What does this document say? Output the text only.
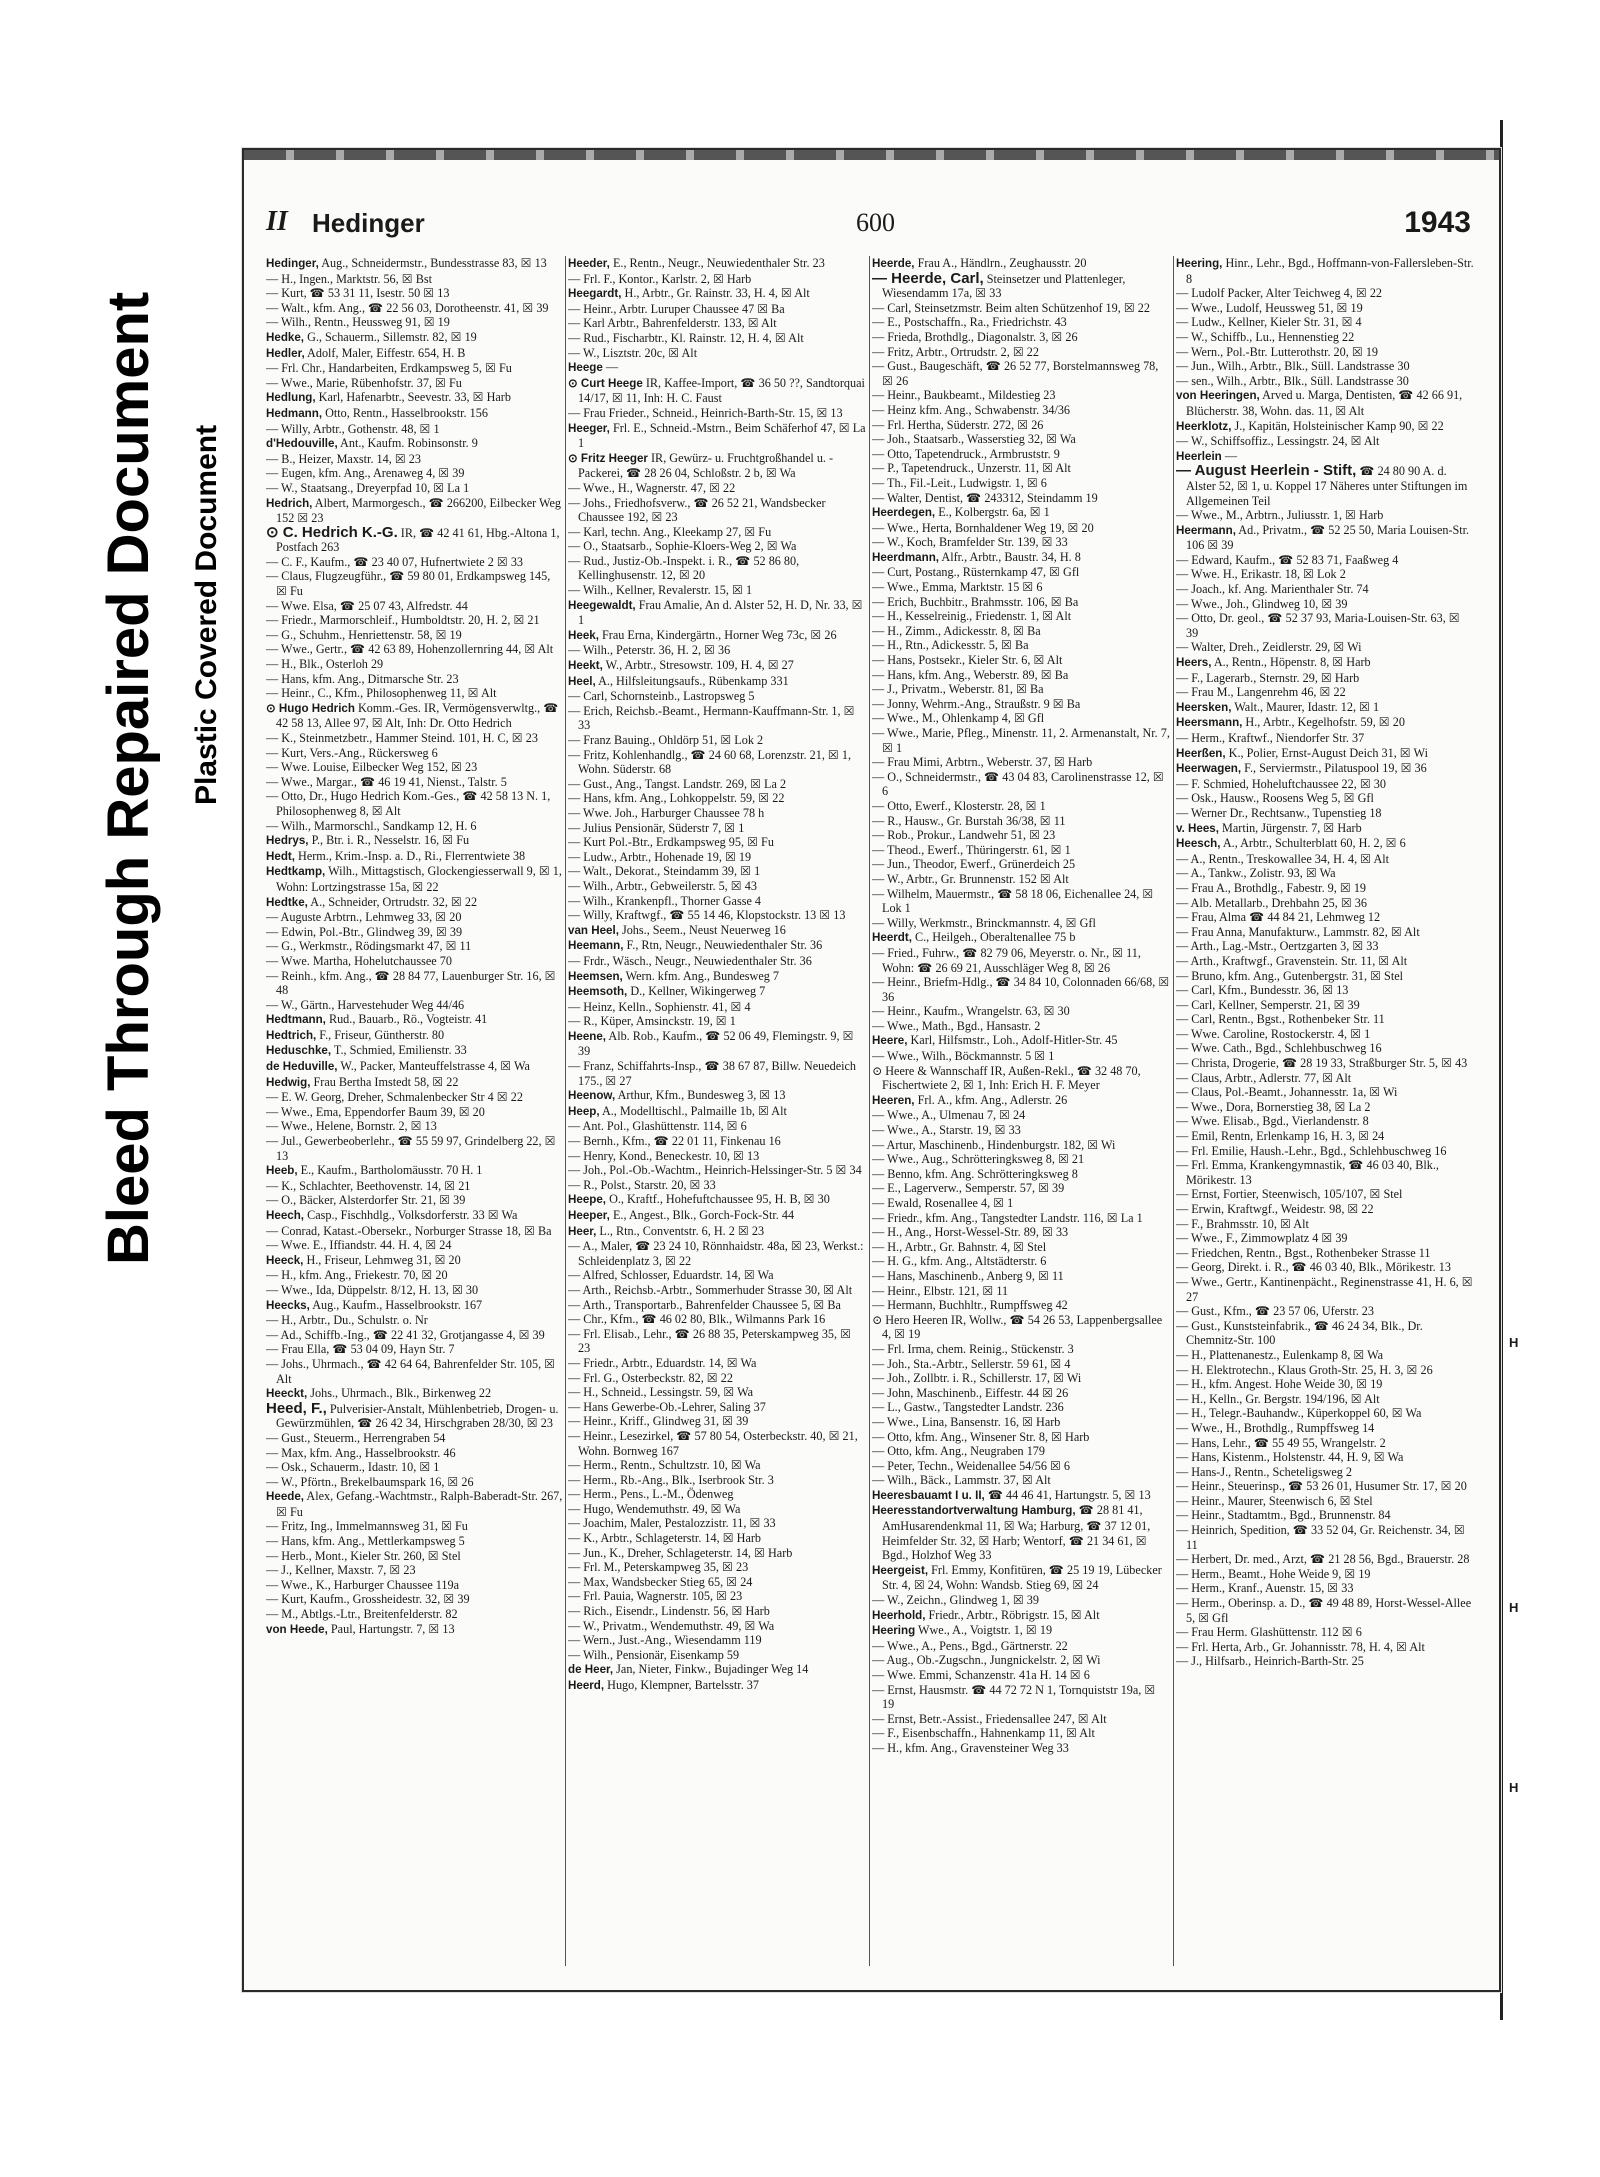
Bleed Through Repaired Document Plastic Covered Document
H
H
H
II Hedinger	600	1943

Hedinger, Aug., Schneidermstr., Bundesstrasse 83, ☒ 13

— H., Ingen., Marktstr. 56, ☒ Bst

— Kurt, ☎ 53 31 11, Isestr. 50 ☒ 13

— Walt., kfm. Ang., ☎ 22 56 03, Dorotheenstr. 41, ☒ 39

— Wilh., Rentn., Heussweg 91, ☒ 19

Hedke, G., Schauerm., Sillemstr. 82, ☒ 19

Hedler, Adolf, Maler, Eiffestr. 654, H. B

— Frl. Chr., Handarbeiten, Erdkampsweg 5, ☒ Fu

— Wwe., Marie, Rübenhofstr. 37, ☒ Fu

Hedlung, Karl, Hafenarbtr., Seevestr. 33, ☒ Harb

Hedmann, Otto, Rentn., Hasselbrookstr. 156

— Willy, Arbtr., Gothenstr. 48, ☒ 1

d'Hedouville, Ant., Kaufm. Robinsonstr. 9

— B., Heizer, Maxstr. 14, ☒ 23

— Eugen, kfm. Ang., Arenaweg 4, ☒ 39

— W., Staatsang., Dreyerpfad 10, ☒ La 1

Hedrich, Albert, Marmorgesch., ☎ 266200, Eilbecker Weg 152 ☒ 23

⊙ C. Hedrich K.-G. IR, ☎ 42 41 61, Hbg.-Altona 1, Postfach 263

— C. F., Kaufm., ☎ 23 40 07, Hufnertwiete 2 ☒ 33

— Claus, Flugzeugführ., ☎ 59 80 01, Erdkampsweg 145, ☒ Fu

— Wwe. Elsa, ☎ 25 07 43, Alfredstr. 44

— Friedr., Marmorschleif., Humboldtstr. 20, H. 2, ☒ 21

— G., Schuhm., Henriettenstr. 58, ☒ 19

— Wwe., Gertr., ☎ 42 63 89, Hohenzollernring 44, ☒ Alt

— H., Blk., Osterloh 29

— Hans, kfm. Ang., Ditmarsche Str. 23

— Heinr., C., Kfm., Philosophenweg 11, ☒ Alt

⊙ Hugo Hedrich Komm.-Ges. IR, Vermögensverwltg., ☎ 42 58 13, Allee 97, ☒ Alt, Inh: Dr. Otto Hedrich

— K., Steinmetzbetr., Hammer Steind. 101, H. C, ☒ 23

— Kurt, Vers.-Ang., Rückersweg 6

— Wwe. Louise, Eilbecker Weg 152, ☒ 23

— Wwe., Margar., ☎ 46 19 41, Nienst., Talstr. 5

— Otto, Dr., Hugo Hedrich Kom.-Ges., ☎ 42 58 13 N. 1, Philosophenweg 8, ☒ Alt

— Wilh., Marmorschl., Sandkamp 12, H. 6

Hedrys, P., Btr. i. R., Nesselstr. 16, ☒ Fu

Hedt, Herm., Krim.-Insp. a. D., Ri., Flerrentwiete 38

Hedtkamp, Wilh., Mittagstisch, Glockengiesserwall 9, ☒ 1, Wohn: Lortzingstrasse 15a, ☒ 22

Hedtke, A., Schneider, Ortrudstr. 32, ☒ 22

— Auguste Arbtrn., Lehmweg 33, ☒ 20

— Edwin, Pol.-Btr., Glindweg 39, ☒ 39

— G., Werkmstr., Rödingsmarkt 47, ☒ 11

— Wwe. Martha, Hohelutchaussee 70

— Reinh., kfm. Ang., ☎ 28 84 77, Lauenburger Str. 16, ☒ 48

— W., Gärtn., Harvestehuder Weg 44/46

Hedtmann, Rud., Bauarb., Rö., Vogteistr. 41

Hedtrich, F., Friseur, Güntherstr. 80

Heduschke, T., Schmied, Emilienstr. 33

de Heduville, W., Packer, Manteuffelstrasse 4, ☒ Wa

Hedwig, Frau Bertha Imstedt 58, ☒ 22

— E. W. Georg, Dreher, Schmalenbecker Str 4 ☒ 22

— Wwe., Ema, Eppendorfer Baum 39, ☒ 20

— Wwe., Helene, Bornstr. 2, ☒ 13

— Jul., Gewerbeoberlehr., ☎ 55 59 97, Grindelberg 22, ☒ 13

Heeb, E., Kaufm., Bartholomäusstr. 70 H. 1

— K., Schlachter, Beethovenstr. 14, ☒ 21

— O., Bäcker, Alsterdorfer Str. 21, ☒ 39

Heech, Casp., Fischhdlg., Volksdorferstr. 33 ☒ Wa

— Conrad, Katast.-Obersekr., Norburger Strasse 18, ☒ Ba

— Wwe. E., Iffiandstr. 44. H. 4, ☒ 24

Heeck, H., Friseur, Lehmweg 31, ☒ 20

— H., kfm. Ang., Friekestr. 70, ☒ 20

— Wwe., Ida, Düppelstr. 8/12, H. 13, ☒ 30

Heecks, Aug., Kaufm., Hasselbrookstr. 167

— H., Arbtr., Du., Schulstr. o. Nr

— Ad., Schiffb.-Ing., ☎ 22 41 32, Grotjangasse 4, ☒ 39

— Frau Ella, ☎ 53 04 09, Hayn Str. 7

— Johs., Uhrmach., ☎ 42 64 64, Bahrenfelder Str. 105, ☒ Alt

Heeckt, Johs., Uhrmach., Blk., Birkenweg 22

Heed, F., Pulverisier-Anstalt, Mühlenbetrieb, Drogen- u. Gewürzmühlen, ☎ 26 42 34, Hirschgraben 28/30, ☒ 23

— Gust., Steuerm., Herrengraben 54

— Max, kfm. Ang., Hasselbrookstr. 46

— Osk., Schauerm., Idastr. 10, ☒ 1

— W., Pförtn., Brekelbaumspark 16, ☒ 26

Heede, Alex, Gefang.-Wachtmstr., Ralph-Baberadt-Str. 267, ☒ Fu

— Fritz, Ing., Immelmannsweg 31, ☒ Fu

— Hans, kfm. Ang., Mettlerkampsweg 5

— Herb., Mont., Kieler Str. 260, ☒ Stel

— J., Kellner, Maxstr. 7, ☒ 23

— Wwe., K., Harburger Chaussee 119a

— Kurt, Kaufm., Grossheidestr. 32, ☒ 39

— M., Abtlgs.-Ltr., Breitenfelderstr. 82

von Heede, Paul, Hartungstr. 7, ☒ 13

Heeder, E., Rentn., Neugr., Neuwiedenthaler Str. 23

— Frl. F., Kontor., Karlstr. 2, ☒ Harb

Heegardt, H., Arbtr., Gr. Rainstr. 33, H. 4, ☒ Alt

— Heinr., Arbtr. Luruper Chaussee 47 ☒ Ba

— Karl Arbtr., Bahrenfelderstr. 133, ☒ Alt

— Rud., Fischarbtr., Kl. Rainstr. 12, H. 4, ☒ Alt

— W., Lisztstr. 20c, ☒ Alt

Heege —

⊙ Curt Heege IR, Kaffee-Import, ☎ 36 50 ??, Sandtorquai 14/17, ☒ 11, Inh: H. C. Faust

— Frau Frieder., Schneid., Heinrich-Barth-Str. 15, ☒ 13

Heeger, Frl. E., Schneid.-Mstrn., Beim Schäferhof 47, ☒ La 1

⊙ Fritz Heeger IR, Gewürz- u. Fruchtgroßhandel u. -Packerei, ☎ 28 26 04, Schloßstr. 2 b, ☒ Wa

— Wwe., H., Wagnerstr. 47, ☒ 22

— Johs., Friedhofsverw., ☎ 26 52 21, Wandsbecker Chaussee 192, ☒ 23

— Karl, techn. Ang., Kleekamp 27, ☒ Fu

— O., Staatsarb., Sophie-Kloers-Weg 2, ☒ Wa

— Rud., Justiz-Ob.-Inspekt. i. R., ☎ 52 86 80, Kellinghusenstr. 12, ☒ 20

— Wilh., Kellner, Revalerstr. 15, ☒ 1

Heegewaldt, Frau Amalie, An d. Alster 52, H. D, Nr. 33, ☒ 1

Heek, Frau Erna, Kindergärtn., Horner Weg 73c, ☒ 26

— Wilh., Peterstr. 36, H. 2, ☒ 36

Heekt, W., Arbtr., Stresowstr. 109, H. 4, ☒ 27

Heel, A., Hilfsleitungsaufs., Rübenkamp 331

— Carl, Schornsteinb., Lastropsweg 5

— Erich, Reichsb.-Beamt., Hermann-Kauffmann-Str. 1, ☒ 33

— Franz Bauing., Ohldörp 51, ☒ Lok 2

— Fritz, Kohlenhandlg., ☎ 24 60 68, Lorenzstr. 21, ☒ 1, Wohn. Süderstr. 68

— Gust., Ang., Tangst. Landstr. 269, ☒ La 2

— Hans, kfm. Ang., Lohkoppelstr. 59, ☒ 22

— Wwe. Joh., Harburger Chaussee 78 h

— Julius Pensionär, Süderstr 7, ☒ 1

— Kurt Pol.-Btr., Erdkampsweg 95, ☒ Fu

— Ludw., Arbtr., Hohenade 19, ☒ 19

— Walt., Dekorat., Steindamm 39, ☒ 1

— Wilh., Arbtr., Gebweilerstr. 5, ☒ 43

— Wilh., Krankenpfl., Thorner Gasse 4

— Willy, Kraftwgf., ☎ 55 14 46, Klopstockstr. 13 ☒ 13

van Heel, Johs., Seem., Neust Neuerweg 16

Heemann, F., Rtn, Neugr., Neuwiedenthaler Str. 36

— Frdr., Wäsch., Neugr., Neuwiedenthaler Str. 36

Heemsen, Wern. kfm. Ang., Bundesweg 7

Heemsoth, D., Kellner, Wikingerweg 7

— Heinz, Kelln., Sophienstr. 41, ☒ 4

— R., Küper, Amsinckstr. 19, ☒ 1

Heene, Alb. Rob., Kaufm., ☎ 52 06 49, Flemingstr. 9, ☒ 39

— Franz, Schiffahrts-Insp., ☎ 38 67 87, Billw. Neuedeich 175., ☒ 27

Heenow, Arthur, Kfm., Bundesweg 3, ☒ 13

Heep, A., Modelltischl., Palmaille 1b, ☒ Alt

— Ant. Pol., Glashüttenstr. 114, ☒ 6

— Bernh., Kfm., ☎ 22 01 11, Finkenau 16

— Henry, Kond., Beneckestr. 10, ☒ 13

— Joh., Pol.-Ob.-Wachtm., Heinrich-Helssinger-Str. 5 ☒ 34

— R., Polst., Starstr. 20, ☒ 33

Heepe, O., Kraftf., Hohefuftchaussee 95, H. B, ☒ 30

Heeper, E., Angest., Blk., Gorch-Fock-Str. 44

Heer, L., Rtn., Conventstr. 6, H. 2 ☒ 23

— A., Maler, ☎ 23 24 10, Rönnhaidstr. 48a, ☒ 23, Werkst.: Schleidenplatz 3, ☒ 22

— Alfred, Schlosser, Eduardstr. 14, ☒ Wa

— Arth., Reichsb.-Arbtr., Sommerhuder Strasse 30, ☒ Alt

— Arth., Transportarb., Bahrenfelder Chaussee 5, ☒ Ba

— Chr., Kfm., ☎ 46 02 80, Blk., Wilmanns Park 16

— Frl. Elisab., Lehr., ☎ 26 88 35, Peterskampweg 35, ☒ 23

— Friedr., Arbtr., Eduardstr. 14, ☒ Wa

— Frl. G., Osterbeckstr. 82, ☒ 22

— H., Schneid., Lessingstr. 59, ☒ Wa

— Hans Gewerbe-Ob.-Lehrer, Saling 37

— Heinr., Kriff., Glindweg 31, ☒ 39

— Heinr., Lesezirkel, ☎ 57 80 54, Osterbeckstr. 40, ☒ 21, Wohn. Bornweg 167

— Herm., Rentn., Schultzstr. 10, ☒ Wa

— Herm., Rb.-Ang., Blk., Iserbrook Str. 3

— Herm., Pens., L.-M., Ödenweg

— Hugo, Wendemuthstr. 49, ☒ Wa

— Joachim, Maler, Pestalozzistr. 11, ☒ 33

— K., Arbtr., Schlageterstr. 14, ☒ Harb

— Jun., K., Dreher, Schlageterstr. 14, ☒ Harb

— Frl. M., Peterskampweg 35, ☒ 23

— Max, Wandsbecker Stieg 65, ☒ 24

— Frl. Pauia, Wagnerstr. 105, ☒ 23

— Rich., Eisendr., Lindenstr. 56, ☒ Harb

— W., Privatm., Wendemuthstr. 49, ☒ Wa

— Wern., Just.-Ang., Wiesendamm 119

— Wilh., Pensionär, Eisenkamp 59

de Heer, Jan, Nieter, Finkw., Bujadinger Weg 14

Heerd, Hugo, Klempner, Bartelsstr. 37

Heerde, Frau A., Händlrn., Zeughausstr. 20

— Heerde, Carl, Steinsetzer und Plattenleger, Wiesendamm 17a, ☒ 33

— Carl, Steinsetzmstr. Beim alten Schützenhof 19, ☒ 22

— E., Postschaffn., Ra., Friedrichstr. 43

— Frieda, Brothdlg., Diagonalstr. 3, ☒ 26

— Fritz, Arbtr., Ortrudstr. 2, ☒ 22

— Gust., Baugeschäft, ☎ 26 52 77, Borstelmannsweg 78, ☒ 26

— Heinr., Baukbeamt., Mildestieg 23

— Heinz kfm. Ang., Schwabenstr. 34/36

— Frl. Hertha, Süderstr. 272, ☒ 26

— Joh., Staatsarb., Wasserstieg 32, ☒ Wa

— Otto, Tapetendruck., Armbruststr. 9

— P., Tapetendruck., Unzerstr. 11, ☒ Alt

— Th., Fil.-Leit., Ludwigstr. 1, ☒ 6

— Walter, Dentist, ☎ 243312, Steindamm 19

Heerdegen, E., Kolbergstr. 6a, ☒ 1

— Wwe., Herta, Bornhaldener Weg 19, ☒ 20

— W., Koch, Bramfelder Str. 139, ☒ 33

Heerdmann, Alfr., Arbtr., Baustr. 34, H. 8

— Curt, Postang., Rüsternkamp 47, ☒ Gfl

— Wwe., Emma, Marktstr. 15 ☒ 6

— Erich, Buchbitr., Brahmsstr. 106, ☒ Ba

— H., Kesselreinig., Friedenstr. 1, ☒ Alt

— H., Zimm., Adickesstr. 8, ☒ Ba

— H., Rtn., Adickesstr. 5, ☒ Ba

— Hans, Postsekr., Kieler Str. 6, ☒ Alt

— Hans, kfm. Ang., Weberstr. 89, ☒ Ba

— J., Privatm., Weberstr. 81, ☒ Ba

— Jonny, Wehrm.-Ang., Straußstr. 9 ☒ Ba

— Wwe., M., Ohlenkamp 4, ☒ Gfl

— Wwe., Marie, Pfleg., Minenstr. 11, 2. Armenanstalt, Nr. 7, ☒ 1

— Frau Mimi, Arbtrn., Weberstr. 37, ☒ Harb

— O., Schneidermstr., ☎ 43 04 83, Carolinenstrasse 12, ☒ 6

— Otto, Ewerf., Klosterstr. 28, ☒ 1

— R., Hausw., Gr. Burstah 36/38, ☒ 11

— Rob., Prokur., Landwehr 51, ☒ 23

— Theod., Ewerf., Thüringerstr. 61, ☒ 1

— Jun., Theodor, Ewerf., Grünerdeich 25

— W., Arbtr., Gr. Brunnenstr. 152 ☒ Alt

— Wilhelm, Mauermstr., ☎ 58 18 06, Eichenallee 24, ☒ Lok 1

— Willy, Werkmstr., Brinckmannstr. 4, ☒ Gfl

Heerdt, C., Heilgeh., Oberaltenallee 75 b

— Fried., Fuhrw., ☎ 82 79 06, Meyerstr. o. Nr., ☒ 11, Wohn: ☎ 26 69 21, Ausschläger Weg 8, ☒ 26

— Heinr., Briefm-Hdlg., ☎ 34 84 10, Colonnaden 66/68, ☒ 36

— Heinr., Kaufm., Wrangelstr. 63, ☒ 30

— Wwe., Math., Bgd., Hansastr. 2

Heere, Karl, Hilfsmstr., Loh., Adolf-Hitler-Str. 45

— Wwe., Wilh., Böckmannstr. 5 ☒ 1

⊙ Heere & Wannschaff IR, Außen-Rekl., ☎ 32 48 70, Fischertwiete 2, ☒ 1, Inh: Erich H. F. Meyer

Heeren, Frl. A., kfm. Ang., Adlerstr. 26

— Wwe., A., Ulmenau 7, ☒ 24

— Wwe., A., Starstr. 19, ☒ 33

— Artur, Maschinenb., Hindenburgstr. 182, ☒ Wi

— Wwe., Aug., Schrötteringksweg 8, ☒ 21

— Benno, kfm. Ang. Schrötteringksweg 8

— E., Lagerverw., Semperstr. 57, ☒ 39

— Ewald, Rosenallee 4, ☒ 1

— Friedr., kfm. Ang., Tangstedter Landstr. 116, ☒ La 1

— H., Ang., Horst-Wessel-Str. 89, ☒ 33

— H., Arbtr., Gr. Bahnstr. 4, ☒ Stel

— H. G., kfm. Ang., Altstädterstr. 6

— Hans, Maschinenb., Anberg 9, ☒ 11

— Heinr., Elbstr. 121, ☒ 11

— Hermann, Buchhltr., Rumpffsweg 42

⊙ Hero Heeren IR, Wollw., ☎ 54 26 53, Lappenbergsallee 4, ☒ 19

— Frl. Irma, chem. Reinig., Stückenstr. 3

— Joh., Sta.-Arbtr., Sellerstr. 59 61, ☒ 4

— Joh., Zollbtr. i. R., Schillerstr. 17, ☒ Wi

— John, Maschinenb., Eiffestr. 44 ☒ 26

— L., Gastw., Tangstedter Landstr. 236

— Wwe., Lina, Bansenstr. 16, ☒ Harb

— Otto, kfm. Ang., Winsener Str. 8, ☒ Harb

— Otto, kfm. Ang., Neugraben 179

— Peter, Techn., Weidenallee 54/56 ☒ 6

— Wilh., Bäck., Lammstr. 37, ☒ Alt

Heeresbauamt I u. II, ☎ 44 46 41, Hartungstr. 5, ☒ 13

Heeresstandortverwaltung Hamburg, ☎ 28 81 41, AmHusarendenkmal 11, ☒ Wa; Harburg, ☎ 37 12 01, Heimfelder Str. 32, ☒ Harb; Wentorf, ☎ 21 34 61, ☒ Bgd., Holzhof Weg 33

Heergeist, Frl. Emmy, Konfitüren, ☎ 25 19 19, Lübecker Str. 4, ☒ 24, Wohn: Wandsb. Stieg 69, ☒ 24

— W., Zeichn., Glindweg 1, ☒ 39

Heerhold, Friedr., Arbtr., Röbrigstr. 15, ☒ Alt

Heering Wwe., A., Voigtstr. 1, ☒ 19

— Wwe., A., Pens., Bgd., Gärtnerstr. 22

— Aug., Ob.-Zugschn., Jungnickelstr. 2, ☒ Wi

— Wwe. Emmi, Schanzenstr. 41a H. 14 ☒ 6

— Ernst, Hausmstr. ☎ 44 72 72 N 1, Tornquiststr 19a, ☒ 19

— Ernst, Betr.-Assist., Friedensallee 247, ☒ Alt

— F., Eisenbschaffn., Hahnenkamp 11, ☒ Alt

— H., kfm. Ang., Gravensteiner Weg 33

Heering, Hinr., Lehr., Bgd., Hoffmann-von-Fallersleben-Str. 8

— Ludolf Packer, Alter Teichweg 4, ☒ 22

— Wwe., Ludolf, Heussweg 51, ☒ 19

— Ludw., Kellner, Kieler Str. 31, ☒ 4

— W., Schiffb., Lu., Hennenstieg 22

— Wern., Pol.-Btr. Lutterothstr. 20, ☒ 19

— Jun., Wilh., Arbtr., Blk., Süll. Landstrasse 30

— sen., Wilh., Arbtr., Blk., Süll. Landstrasse 30

von Heeringen, Arved u. Marga, Dentisten, ☎ 42 66 91, Blücherstr. 38, Wohn. das. 11, ☒ Alt

Heerklotz, J., Kapitän, Holsteinischer Kamp 90, ☒ 22

— W., Schiffsoffiz., Lessingstr. 24, ☒ Alt

Heerlein —

— August Heerlein - Stift, ☎ 24 80 90 A. d. Alster 52, ☒ 1, u. Koppel 17 Näheres unter Stiftungen im Allgemeinen Teil

— Wwe., M., Arbtrn., Juliusstr. 1, ☒ Harb

Heermann, Ad., Privatm., ☎ 52 25 50, Maria Louisen-Str. 106 ☒ 39

— Edward, Kaufm., ☎ 52 83 71, Faaßweg 4

— Wwe. H., Erikastr. 18, ☒ Lok 2

— Joach., kf. Ang. Marienthaler Str. 74

— Wwe., Joh., Glindweg 10, ☒ 39

— Otto, Dr. geol., ☎ 52 37 93, Maria-Louisen-Str. 63, ☒ 39

— Walter, Dreh., Zeidlerstr. 29, ☒ Wi

Heers, A., Rentn., Höpenstr. 8, ☒ Harb

— F., Lagerarb., Sternstr. 29, ☒ Harb

— Frau M., Langenrehm 46, ☒ 22

Heersken, Walt., Maurer, Idastr. 12, ☒ 1

Heersmann, H., Arbtr., Kegelhofstr. 59, ☒ 20

— Herm., Kraftwf., Niendorfer Str. 37

Heerßen, K., Polier, Ernst-August Deich 31, ☒ Wi

Heerwagen, F., Serviermstr., Pilatuspool 19, ☒ 36

— F. Schmied, Hoheluftchaussee 22, ☒ 30

— Osk., Hausw., Roosens Weg 5, ☒ Gfl

— Werner Dr., Rechtsanw., Tupenstieg 18

v. Hees, Martin, Jürgenstr. 7, ☒ Harb

Heesch, A., Arbtr., Schulterblatt 60, H. 2, ☒ 6

— A., Rentn., Treskowallee 34, H. 4, ☒ Alt

— A., Tankw., Zolistr. 93, ☒ Wa

— Frau A., Brothdlg., Fabestr. 9, ☒ 19

— Alb. Metallarb., Drehbahn 25, ☒ 36

— Frau, Alma ☎ 44 84 21, Lehmweg 12

— Frau Anna, Manufakturw., Lammstr. 82, ☒ Alt

— Arth., Lag.-Mstr., Oertzgarten 3, ☒ 33

— Arth., Kraftwgf., Gravenstein. Str. 11, ☒ Alt

— Bruno, kfm. Ang., Gutenbergstr. 31, ☒ Stel

— Carl, Kfm., Bundesstr. 36, ☒ 13

— Carl, Kellner, Semperstr. 21, ☒ 39

— Carl, Rentn., Bgst., Rothenbeker Str. 11

— Wwe. Caroline, Rostockerstr. 4, ☒ 1

— Wwe. Cath., Bgd., Schlehbuschweg 16

— Christa, Drogerie, ☎ 28 19 33, Straßburger Str. 5, ☒ 43

— Claus, Arbtr., Adlerstr. 77, ☒ Alt

— Claus, Pol.-Beamt., Johannesstr. 1a, ☒ Wi

— Wwe., Dora, Bornerstieg 38, ☒ La 2

— Wwe. Elisab., Bgd., Vierlandenstr. 8

— Emil, Rentn, Erlenkamp 16, H. 3, ☒ 24

— Frl. Emilie, Haush.-Lehr., Bgd., Schlehbuschweg 16

— Frl. Emma, Krankengymnastik, ☎ 46 03 40, Blk., Mörikestr. 13

— Ernst, Fortier, Steenwisch, 105/107, ☒ Stel

— Erwin, Kraftwgf., Weidestr. 98, ☒ 22

— F., Brahmsstr. 10, ☒ Alt

— Wwe., F., Zimmowplatz 4 ☒ 39

— Friedchen, Rentn., Bgst., Rothenbeker Strasse 11

— Georg, Direkt. i. R., ☎ 46 03 40, Blk., Mörikestr. 13

— Wwe., Gertr., Kantinenpächt., Reginenstrasse 41, H. 6, ☒ 27

— Gust., Kfm., ☎ 23 57 06, Uferstr. 23

— Gust., Kunststeinfabrik., ☎ 46 24 34, Blk., Dr. Chemnitz-Str. 100

— H., Plattenanestz., Eulenkamp 8, ☒ Wa

— H. Elektrotechn., Klaus Groth-Str. 25, H. 3, ☒ 26

— H., kfm. Angest. Hohe Weide 30, ☒ 19

— H., Kelln., Gr. Bergstr. 194/196, ☒ Alt

— H., Telegr.-Bauhandw., Küperkoppel 60, ☒ Wa

— Wwe., H., Brothdlg., Rumpffsweg 14

— Hans, Lehr., ☎ 55 49 55, Wrangelstr. 2

— Hans, Kistenm., Holstenstr. 44, H. 9, ☒ Wa

— Hans-J., Rentn., Scheteligsweg 2

— Heinr., Steuerinsp., ☎ 53 26 01, Husumer Str. 17, ☒ 20

— Heinr., Maurer, Steenwisch 6, ☒ Stel

— Heinr., Stadtamtm., Bgd., Brunnenstr. 84

— Heinrich, Spedition, ☎ 33 52 04, Gr. Reichenstr. 34, ☒ 11

— Herbert, Dr. med., Arzt, ☎ 21 28 56, Bgd., Brauerstr. 28

— Herm., Beamt., Hohe Weide 9, ☒ 19

— Herm., Kranf., Auenstr. 15, ☒ 33

— Herm., Oberinsp. a. D., ☎ 49 48 89, Horst-Wessel-Allee 5, ☒ Gfl

— Frau Herm. Glashüttenstr. 112 ☒ 6

— Frl. Herta, Arb., Gr. Johannisstr. 78, H. 4, ☒ Alt

— J., Hilfsarb., Heinrich-Barth-Str. 25
